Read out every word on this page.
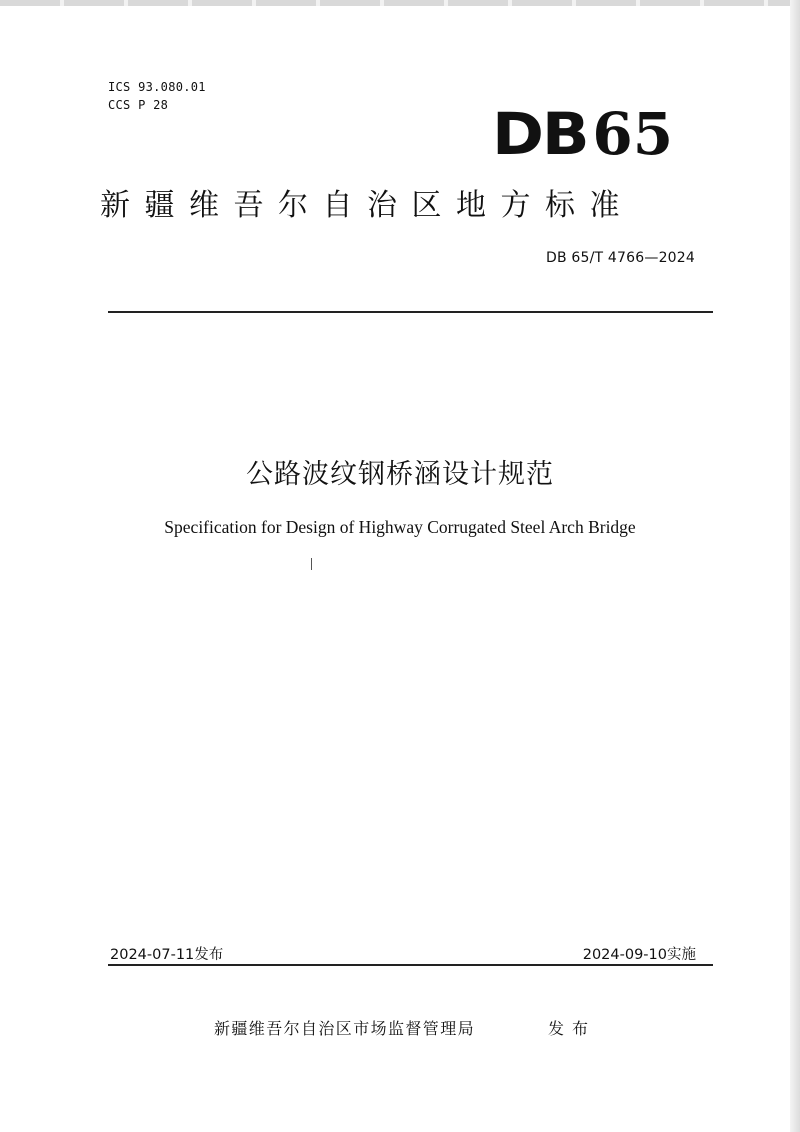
ICS 93.080.01
CCS P 28	DB 65
新疆维吾尔自治区地方标准
DB 65/T 4766—2024
公路波纹钢桥涵设计规范
Specification for Design of Highway Corrugated Steel Arch Bridge
2024-07-11发布	2024-09-10实施
新疆维吾尔自治区市场监督管理局	发布
